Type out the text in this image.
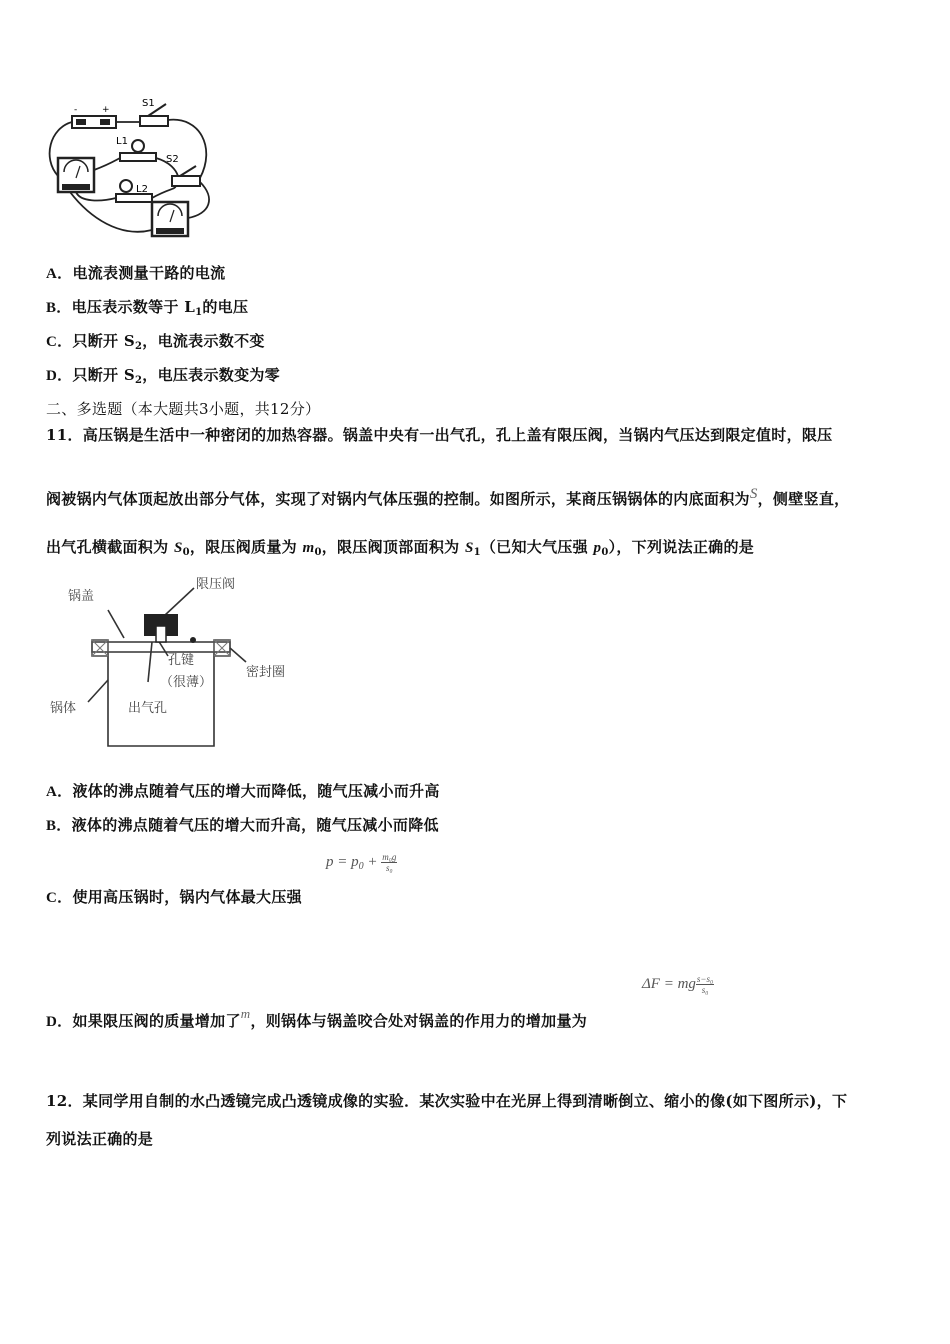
-	+
S1
L1
S2
L2
A．电流表测量干路的电流
B．电压表示数等于 $L_1$的电压
C．只断开 $S_2$，电流表示数不变
D．只断开 $S_2$，电压表示数变为零
二、多选题（本大题共3小题，共12分）
11．高压锅是生活中一种密闭的加热容器。锅盖中央有一出气孔，孔上盖有限压阀，当锅内气压达到限定值时，限压
阀被锅内气体顶起放出部分气体，实现了对锅内气体压强的控制。如图所示，某商压锅锅体的内底面积为S，侧壁竖直，
出气孔横截面积为 $S_0$，限压阀质量为 $m_0$，限压阀顶部面积为 $S_1$（已知大气压强 $p_0$），下列说法正确的是
锅盖
限压阀
孔键
（很薄）
密封圈
锅体	出气孔
A．液体的沸点随着气压的增大而降低，随气压减小而升高
B．液体的沸点随着气压的增大而升高，随气压减小而降低
$p = p_0 + \frac{\text{m₀g}}{\text{s₀}}$
C．使用高压锅时，锅内气体最大压强
ΔF = mg $\frac{\text{s−s₀}}{\text{s₀}}$
D．如果限压阀的质量增加了m，则锅体与锅盖咬合处对锅盖的作用力的增加量为
12．某同学用自制的水凸透镜完成凸透镜成像的实验．某次实验中在光屏上得到清晰倒立、缩小的像(如下图所示)，下
列说法正确的是
